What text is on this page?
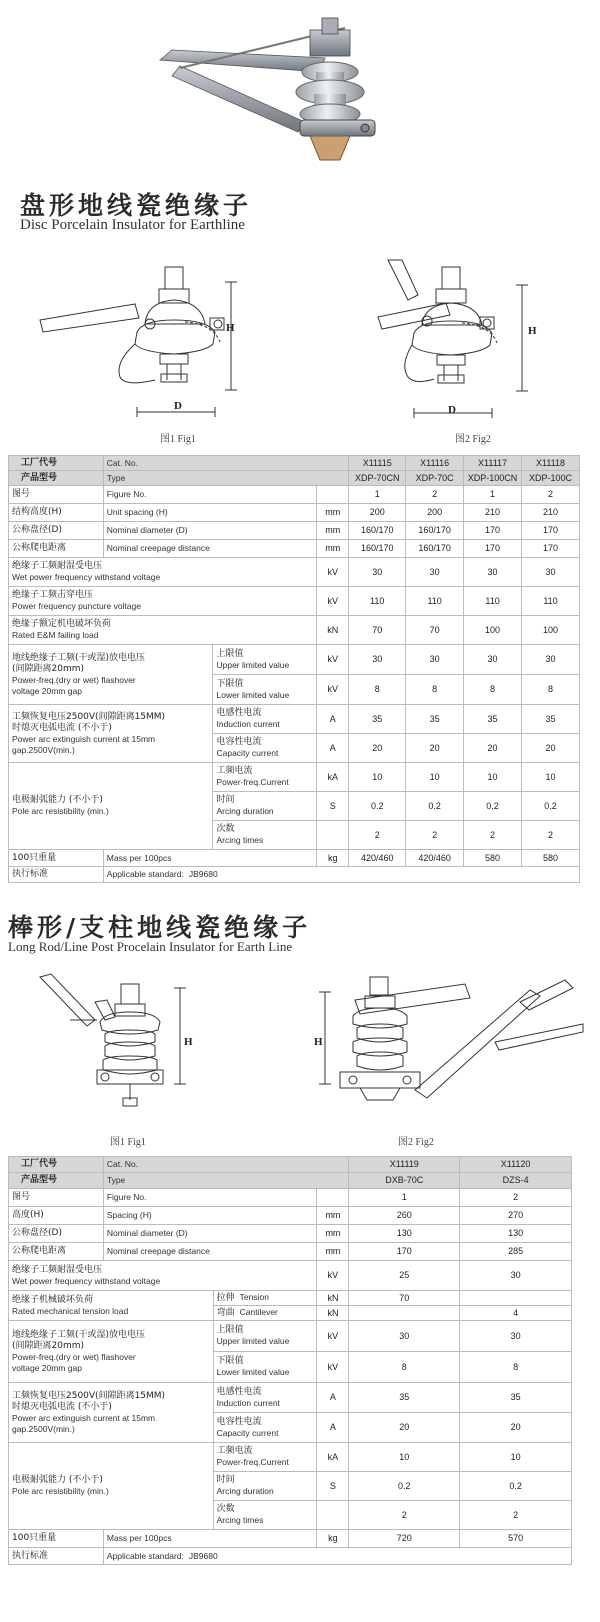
盘形地线瓷绝缘子
Disc Porcelain Insulator for Earthline
H
D
图1 Fig1
H
D
图2 Fig2
工厂代号	Cat. No.			X11115	X11116	X11117	X11118
产品型号	Type			XDP-70CN	XDP-70C	XDP-100CN	XDP-100C
图号	Figure No.			1	2	1	2
结构高度(H)	Unit spacing (H)		mm	200	200	210	210
公称盘径(D)	Nominal diameter (D)		mm	160/170	160/170	170	170
公称爬电距离	Nominal creepage distance		mm	160/170	160/170	170	170

绝缘子工频耐湿受电压
Wet power frequency withstand voltage			kV	30	30	30	30

绝缘子工频击穿电压
Power frequency puncture voltage			kV	110	110	110	110

绝缘子额定机电破坏负荷
Rated E&M failing load			kN	70	70	100	100

地线绝缘子工频(干或湿)放电电压
(间隙距离20mm)
Power-freq.(dry or wet) flashover
voltage 20mm gap		上限值
Upper limited value	kV	30	30	30	30

		下限值
Lower limited value	kV	8	8	8	8

工频恢复电压2500V(间隙距离15MM)
时熄灭电弧电流 (不小于)
Power arc extinguish current at 15mm
gap.2500V(min.)		电感性电流
Induction current	A	35	35	35	35

		电容性电流
Capacity current	A	20	20	20	20

电极耐弧能力 (不小于)
Pole arc resistibility (min.)		工频电流
Power-freq.Current	kA	10	10	10	10

		时间
Arcing duration	S	0.2	0.2	0.2	0.2

		次数
Arcing times		2	2	2	2
100只重量	Mass per 100pcs		kg	420/460	420/460	580	580
执行标准	Applicable standard: JB9680						
棒形/支柱地线瓷绝缘子
Long Rod/Line Post Procelain Insulator for Earth Line
H
图1 Fig1
H
图2 Fig2
工厂代号	Cat. No.			X11119	X11120
产品型号	Type			DXB-70C	DZS-4
图号	Figure No.			1	2
高度(H)	Spacing (H)		mm	260	270
公称盘径(D)	Nominal diameter (D)		mm	130	130
公称爬电距离	Nominal creepage distance		mm	170	285

绝缘子工频耐湿受电压
Wet power frequency withstand voltage			kV	25	30

绝缘子机械破坏负荷
Rated mechanical tension load		拉伸 Tension	kN	70	
		弯曲 Cantilever	kN		4

地线绝缘子工频(干或湿)放电电压
(间隙距离20mm)
Power-freq.(dry or wet) flashover
voltage 20mm gap		上限值
Upper limited value	kV	30	30

		下限值
Lower limited value	kV	8	8

工频恢复电压2500V(间隙距离15MM)
时熄灭电弧电流 (不小于)
Power arc extinguish current at 15mm
gap.2500V(min.)		电感性电流
Induction current	A	35	35

		电容性电流
Capacity current	A	20	20

电极耐弧能力 (不小于)
Pole arc resistibility (min.)		工频电流
Power-freq.Current	kA	10	10

		时间
Arcing duration	S	0.2	0.2

		次数
Arcing times		2	2
100只重量	Mass per 100pcs		kg	720	570
执行标准	Applicable standard: JB9680				
